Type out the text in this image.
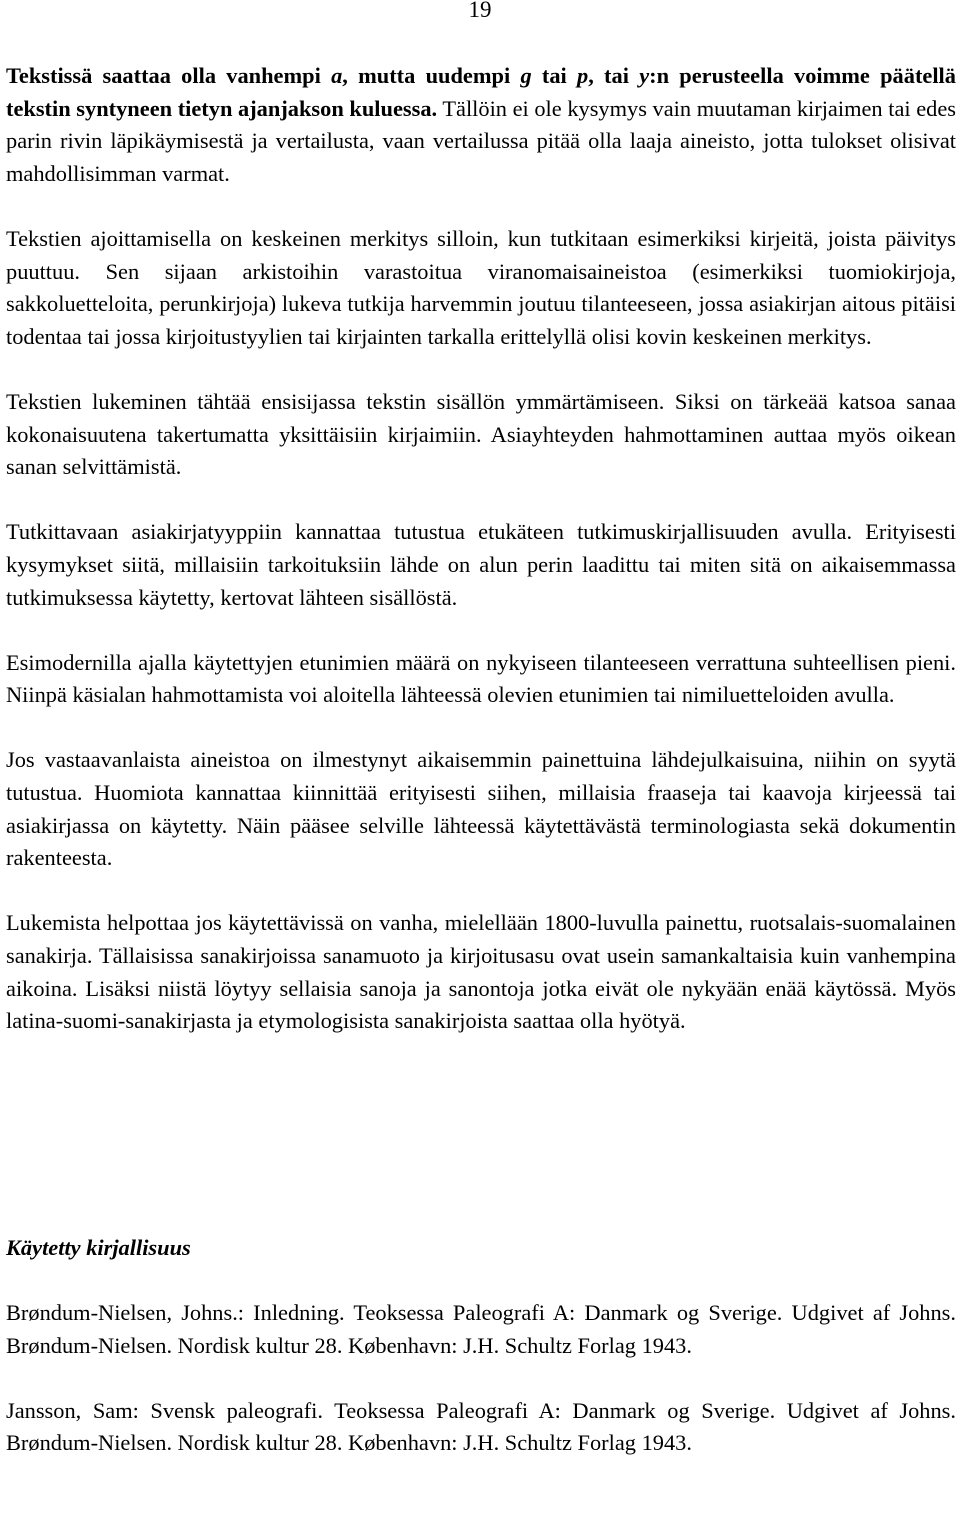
19

Tekstissä saattaa olla vanhempi a, mutta uudempi g tai p, tai y:n perusteella voimme päätellä tekstin syntyneen tietyn ajanjakson kuluessa. Tällöin ei ole kysymys vain muutaman kirjaimen tai edes parin rivin läpikäymisestä ja vertailusta, vaan vertailussa pitää olla laaja aineisto, jotta tulokset olisivat mahdollisimman varmat.

Tekstien ajoittamisella on keskeinen merkitys silloin, kun tutkitaan esimerkiksi kirjeitä, joista päivitys puuttuu. Sen sijaan arkistoihin varastoitua viranomaisaineistoa (esimerkiksi tuomiokirjoja, sakkoluetteloita, perunkirjoja) lukeva tutkija harvemmin joutuu tilanteeseen, jossa asiakirjan aitous pitäisi todentaa tai jossa kirjoitustyylien tai kirjainten tarkalla erittelyllä olisi kovin keskeinen merkitys.

Tekstien lukeminen tähtää ensisijassa tekstin sisällön ymmärtämiseen. Siksi on tärkeää katsoa sanaa kokonaisuutena takertumatta yksittäisiin kirjaimiin. Asiayhteyden hahmottaminen auttaa myös oikean sanan selvittämistä.

Tutkittavaan asiakirjatyyppiin kannattaa tutustua etukäteen tutkimuskirjallisuuden avulla. Erityisesti kysymykset siitä, millaisiin tarkoituksiin lähde on alun perin laadittu tai miten sitä on aikaisemmassa tutkimuksessa käytetty, kertovat lähteen sisällöstä.

Esimodernilla ajalla käytettyjen etunimien määrä on nykyiseen tilanteeseen verrattuna suhteellisen pieni. Niinpä käsialan hahmottamista voi aloitella lähteessä olevien etunimien tai nimiluetteloiden avulla.

Jos vastaavanlaista aineistoa on ilmestynyt aikaisemmin painettuina lähdejulkaisuina, niihin on syytä tutustua. Huomiota kannattaa kiinnittää erityisesti siihen, millaisia fraaseja tai kaavoja kirjeessä tai asiakirjassa on käytetty. Näin pääsee selville lähteessä käytettävästä terminologiasta sekä dokumentin rakenteesta.

Lukemista helpottaa jos käytettävissä on vanha, mielellään 1800-luvulla painettu, ruotsalais-suomalainen sanakirja. Tällaisissa sanakirjoissa sanamuoto ja kirjoitusasu ovat usein samankaltaisia kuin vanhempina aikoina. Lisäksi niistä löytyy sellaisia sanoja ja sanontoja jotka eivät ole nykyään enää käytössä. Myös latina-suomi-sanakirjasta ja etymologisista sanakirjoista saattaa olla hyötyä.

Käytetty kirjallisuus

Brøndum-Nielsen, Johns.: Inledning. Teoksessa Paleografi A: Danmark og Sverige. Udgivet af Johns. Brøndum-Nielsen. Nordisk kultur 28. København: J.H. Schultz Forlag 1943.

Jansson, Sam: Svensk paleografi. Teoksessa Paleografi A: Danmark og Sverige. Udgivet af Johns. Brøndum-Nielsen. Nordisk kultur 28. København: J.H. Schultz Forlag 1943.
